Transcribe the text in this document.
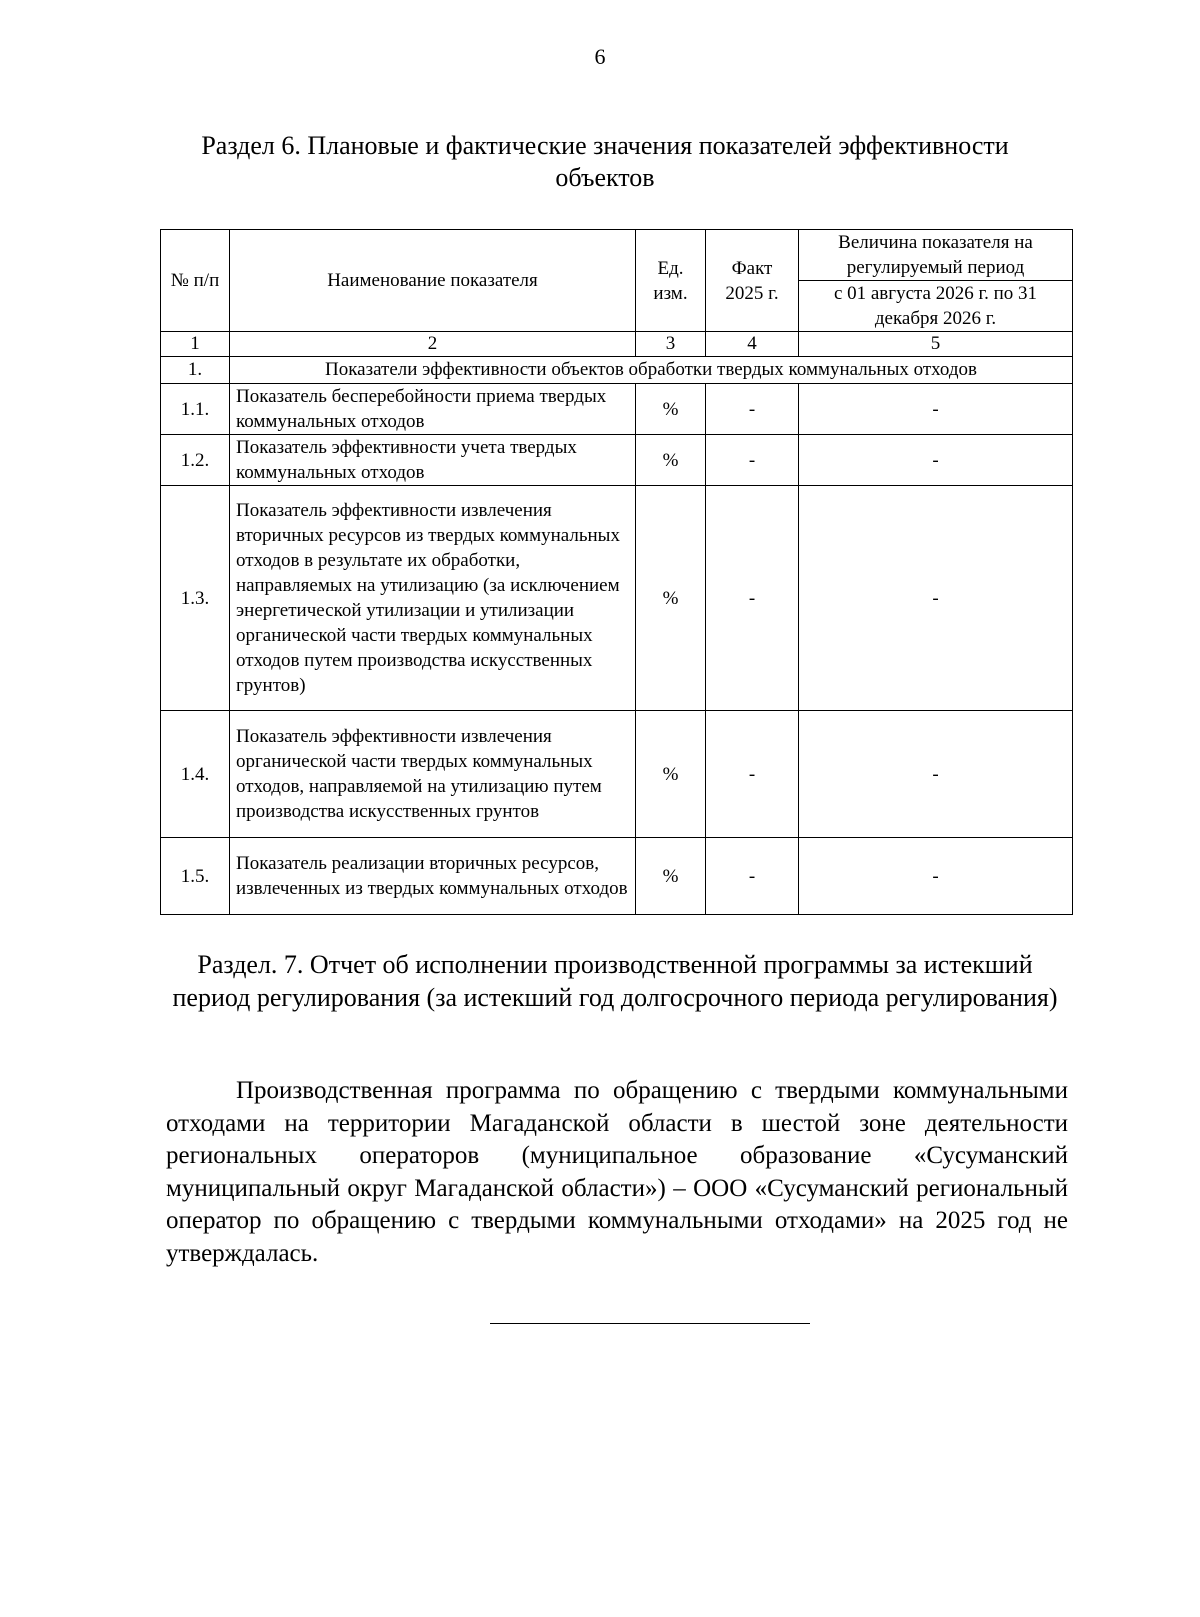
6
Раздел 6. Плановые и фактические значения показателей эффективности объектов
№ п/п	Наименование показателя	Ед. изм.	Факт 2025 г.	Величина показателя на регулируемый период
				с 01 августа 2026 г. по 31 декабря 2026 г.
1	2	3	4	5
1.	Показатели эффективности объектов обработки твердых коммунальных отходов			
1.1.	Показатель бесперебойности приема твердых коммунальных отходов	%	-	-
1.2.	Показатель эффективности учета твердых коммунальных отходов	%	-	-
1.3.	Показатель эффективности извлечения вторичных ресурсов из твердых коммунальных отходов в результате их обработки, направляемых на утилизацию (за исключением энергетической утилизации и утилизации органической части твердых коммунальных отходов путем производства искусственных грунтов)	%	-	-
1.4.	Показатель эффективности извлечения органической части твердых коммунальных отходов, направляемой на утилизацию путем производства искусственных грунтов	%	-	-
1.5.	Показатель реализации вторичных ресурсов, извлеченных из твердых коммунальных отходов	%	-	-
Раздел. 7. Отчет об исполнении производственной программы за истекший период регулирования (за истекший год долгосрочного периода регулирования)
Производственная программа по обращению с твердыми коммунальными отходами на территории Магаданской области в шестой зоне деятельности региональных операторов (муниципальное образование «Сусуманский муниципальный округ Магаданской области») – ООО «Сусуманский региональный оператор по обращению с твердыми коммунальными отходами» на 2025 год не утверждалась.
